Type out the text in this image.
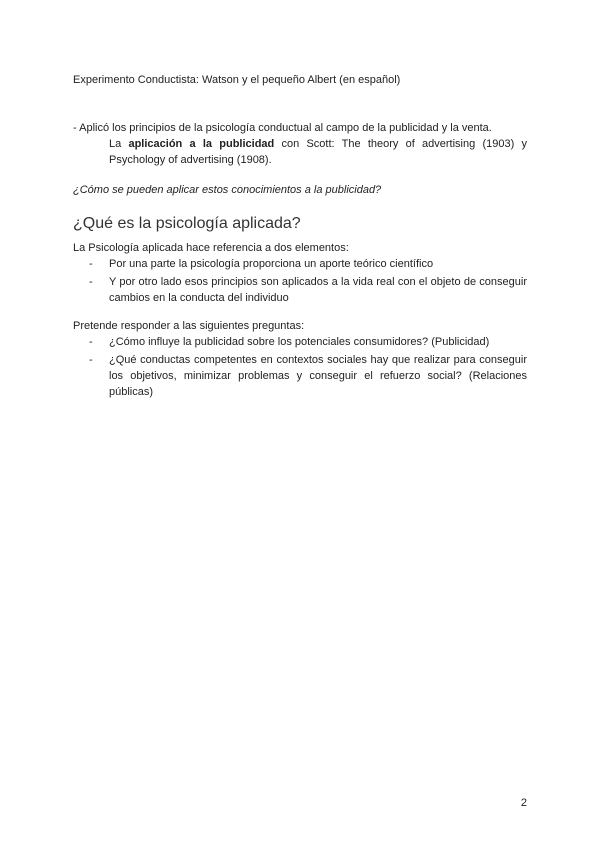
Experimento Conductista: Watson y el pequeño Albert (en español)

- Aplicó los principios de la psicología conductual al campo de la publicidad y la venta.

La aplicación a la publicidad con Scott: The theory of advertising (1903) y Psychology of advertising (1908).

¿Cómo se pueden aplicar estos conocimientos a la publicidad?

¿Qué es la psicología aplicada?

La Psicología aplicada hace referencia a dos elementos:

- Por una parte la psicología proporciona un aporte teórico científico
- Y por otro lado esos principios son aplicados a la vida real con el objeto de conseguir cambios en la conducta del individuo

Pretende responder a las siguientes preguntas:

- ¿Cómo influye la publicidad sobre los potenciales consumidores? (Publicidad)
- ¿Qué conductas competentes en contextos sociales hay que realizar para conseguir los objetivos, minimizar problemas y conseguir el refuerzo social? (Relaciones públicas)
2
